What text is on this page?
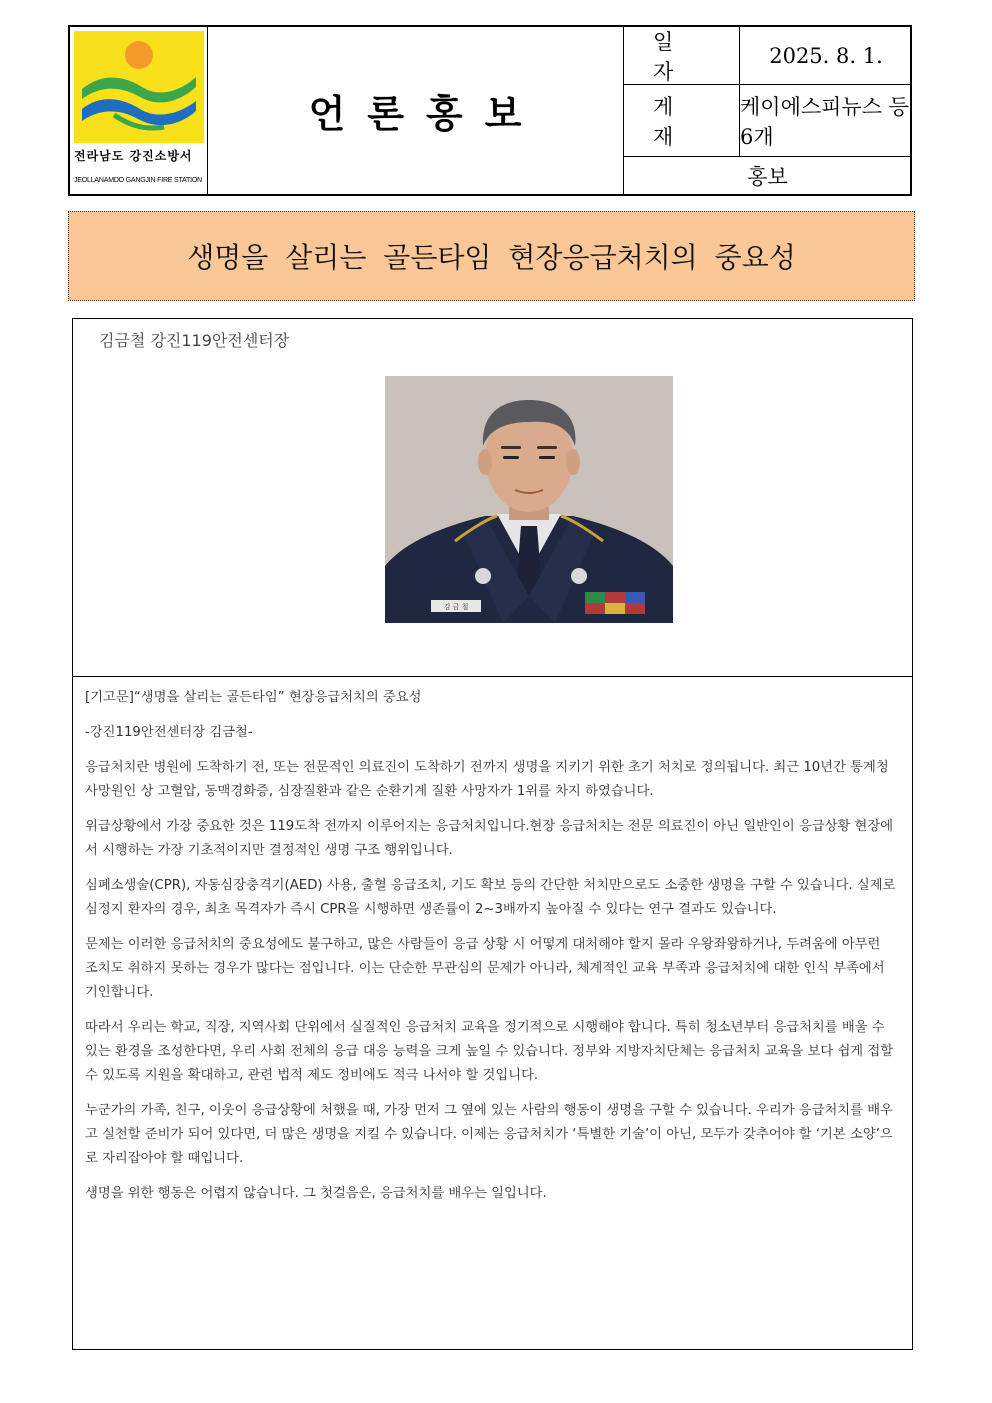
전라남도 강진소방서
JEOLLANAMDO GANGJIN FIRE STATION
언론홍보
일자
2025. 8. 1.
게재
케이에스피뉴스 등 6개
홍보
생명을 살리는 골든타임 현장응급처치의 중요성
김금철 강진119안전센터장
김 금 철

[기고문]“생명을 살리는 골든타임” 현장응급처치의 중요성

-강진119안전센터장 김금철-

응급처치란 병원에 도착하기 전, 또는 전문적인 의료진이 도착하기 전까지 생명을 지키기 위한 초기 처치로 정의됩니다. 최근 10년간 통계청 사망원인 상 고혈압, 동맥경화증, 심장질환과 같은 순환기계 질환 사망자가 1위를 차지 하였습니다.

위급상황에서 가장 중요한 것은 119도착 전까지 이루어지는 응급처치입니다.현장 응급처치는 전문 의료진이 아닌 일반인이 응급상황 현장에서 시행하는 가장 기초적이지만 결정적인 생명 구조 행위입니다.

심폐소생술(CPR), 자동심장충격기(AED) 사용, 출혈 응급조치, 기도 확보 등의 간단한 처치만으로도 소중한 생명을 구할 수 있습니다. 실제로 심정지 환자의 경우, 최초 목격자가 즉시 CPR을 시행하면 생존률이 2~3배까지 높아질 수 있다는 연구 결과도 있습니다.

문제는 이러한 응급처치의 중요성에도 불구하고, 많은 사람들이 응급 상황 시 어떻게 대처해야 할지 몰라 우왕좌왕하거나, 두려움에 아무런 조치도 취하지 못하는 경우가 많다는 점입니다. 이는 단순한 무관심의 문제가 아니라, 체계적인 교육 부족과 응급처치에 대한 인식 부족에서 기인합니다.

따라서 우리는 학교, 직장, 지역사회 단위에서 실질적인 응급처치 교육을 정기적으로 시행해야 합니다. 특히 청소년부터 응급처치를 배울 수 있는 환경을 조성한다면, 우리 사회 전체의 응급 대응 능력을 크게 높일 수 있습니다. 정부와 지방자치단체는 응급처치 교육을 보다 쉽게 접할 수 있도록 지원을 확대하고, 관련 법적 제도 정비에도 적극 나서야 할 것입니다.

누군가의 가족, 친구, 이웃이 응급상황에 처했을 때, 가장 먼저 그 옆에 있는 사람의 행동이 생명을 구할 수 있습니다. 우리가 응급처치를 배우고 실천할 준비가 되어 있다면, 더 많은 생명을 지킬 수 있습니다. 이제는 응급처치가 ‘특별한 기술’이 아닌, 모두가 갖추어야 할 ‘기본 소양’으로 자리잡아야 할 때입니다.

생명을 위한 행동은 어렵지 않습니다. 그 첫걸음은, 응급처치를 배우는 일입니다.
